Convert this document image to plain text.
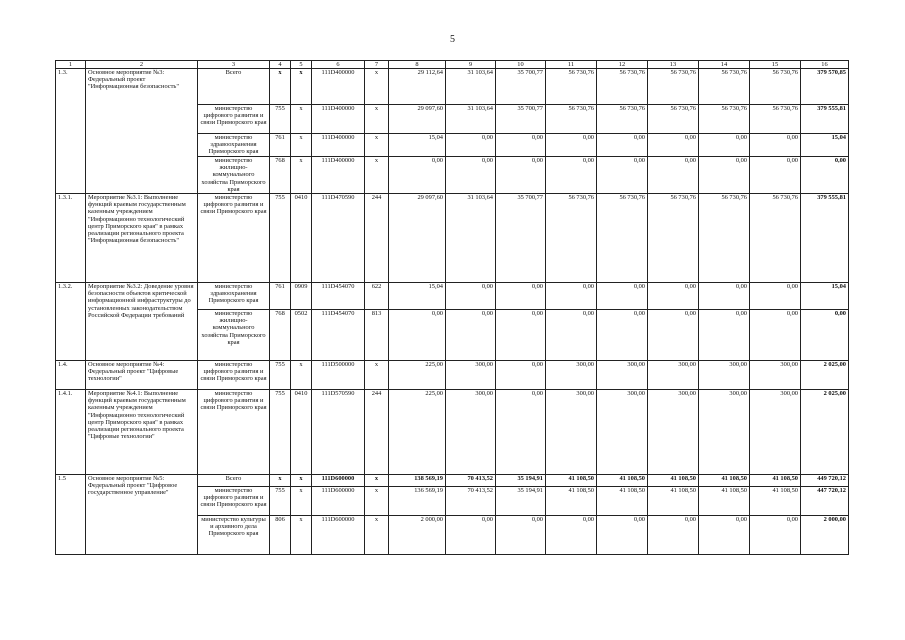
5
1	2	3	4	5	6	7	8	9	10	11	12	13	14	15	16
1.3.	Основное мероприятие №3: Федеральный проект "Информационная безопасность"	Всего	x	x	111D400000	x	29 112,64	31 103,64	35 700,77	56 730,76	56 730,76	56 730,76	56 730,76	56 730,76	379 570,85
		министерство цифрового развития и связи Приморского края	755	x	111D400000	x	29 097,60	31 103,64	35 700,77	56 730,76	56 730,76	56 730,76	56 730,76	56 730,76	379 555,81
		министерство здравоохранения Приморского края	761	x	111D400000	x	15,04	0,00	0,00	0,00	0,00	0,00	0,00	0,00	15,04
		министерство жилищно-коммунального хозяйства Приморского края	768	x	111D400000	x	0,00	0,00	0,00	0,00	0,00	0,00	0,00	0,00	0,00
1.3.1.	Мероприятие №3.1: Выполнение функций краевым государственным казенным учреждением "Информационно технологический центр Приморского края" в рамках реализации регионального проекта "Информационная безопасность"	министерство цифрового развития и связи Приморского края	755	0410	111D470590	244	29 097,60	31 103,64	35 700,77	56 730,76	56 730,76	56 730,76	56 730,76	56 730,76	379 555,81
1.3.2.	Мероприятие №3.2: Доведение уровня безопасности объектов критической информационной инфраструктуры до установленных законодательством Российской Федерации требований	министерство здравоохранения Приморского края	761	0909	111D454070	622	15,04	0,00	0,00	0,00	0,00	0,00	0,00	0,00	15,04
		министерство жилищно-коммунального хозяйства Приморского края	768	0502	111D454070	813	0,00	0,00	0,00	0,00	0,00	0,00	0,00	0,00	0,00
1.4.	Основное мероприятие №4: Федеральный проект "Цифровые технологии"	министерство цифрового развития и связи Приморского края	755	x	111D500000	x	225,00	300,00	0,00	300,00	300,00	300,00	300,00	300,00	2 025,00
1.4.1.	Мероприятие №4.1: Выполнение функций краевым государственным казенным учреждением "Информационно технологический центр Приморского края" в рамках реализации регионального проекта "Цифровые технологии"	министерство цифрового развития и связи Приморского края	755	0410	111D570590	244	225,00	300,00	0,00	300,00	300,00	300,00	300,00	300,00	2 025,00
1.5	Основное мероприятие №5: Федеральный проект "Цифровое государственное управление"	Всего	x	x	111D600000	x	138 569,19	70 413,52	35 194,91	41 108,50	41 108,50	41 108,50	41 108,50	41 108,50	449 720,12
		министерство цифрового развития и связи Приморского края	755	x	111D600000	x	136 569,19	70 413,52	35 194,91	41 108,50	41 108,50	41 108,50	41 108,50	41 108,50	447 720,12
		министерство культуры и архивного дела Приморского края	806	x	111D600000	x	2 000,00	0,00	0,00	0,00	0,00	0,00	0,00	0,00	2 000,00
